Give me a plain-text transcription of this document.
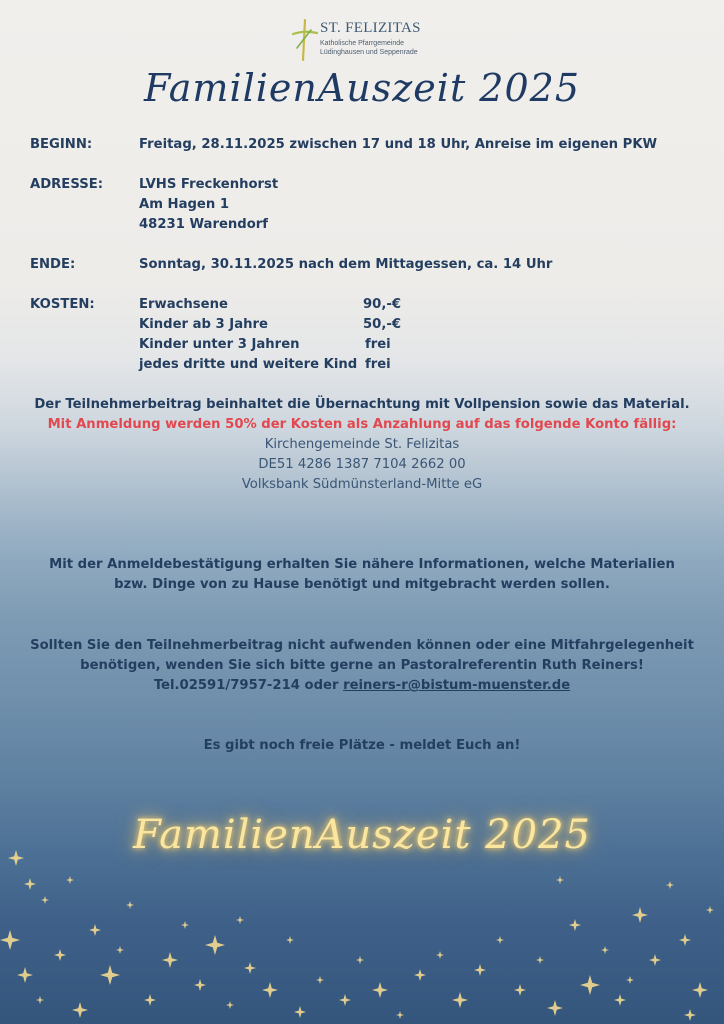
ST. FELIZITAS
Katholische Pfarrgemeinde
Lüdinghausen und Seppenrade
FamilienAuszeit 2025
BEGINN:	Freitag, 28.11.2025 zwischen 17 und 18 Uhr, Anreise im eigenen PKW
ADRESSE:	LVHS Freckenhorst
Am Hagen 1
48231 Warendorf
ENDE:	Sonntag, 30.11.2025 nach dem Mittagessen, ca. 14 Uhr
KOSTEN:	Erwachsene	90,-€
Kinder ab 3 Jahre	50,-€
Kinder unter 3 Jahren	frei
jedes dritte und weitere Kind frei
Der Teilnehmerbeitrag beinhaltet die Übernachtung mit Vollpension sowie das Material.
Mit Anmeldung werden 50% der Kosten als Anzahlung auf das folgende Konto fällig:
Kirchengemeinde St. Felizitas
DE51 4286 1387 7104 2662 00
Volksbank Südmünsterland-Mitte eG
Mit der Anmeldebestätigung erhalten Sie nähere Informationen, welche Materialien
bzw. Dinge von zu Hause benötigt und mitgebracht werden sollen.
Sollten Sie den Teilnehmerbeitrag nicht aufwenden können oder eine Mitfahrgelegenheit
benötigen, wenden Sie sich bitte gerne an Pastoralreferentin Ruth Reiners!
Tel.02591/7957-214 oder reiners-r@bistum-muenster.de
Es gibt noch freie Plätze - meldet Euch an!
FamilienAuszeit 2025
